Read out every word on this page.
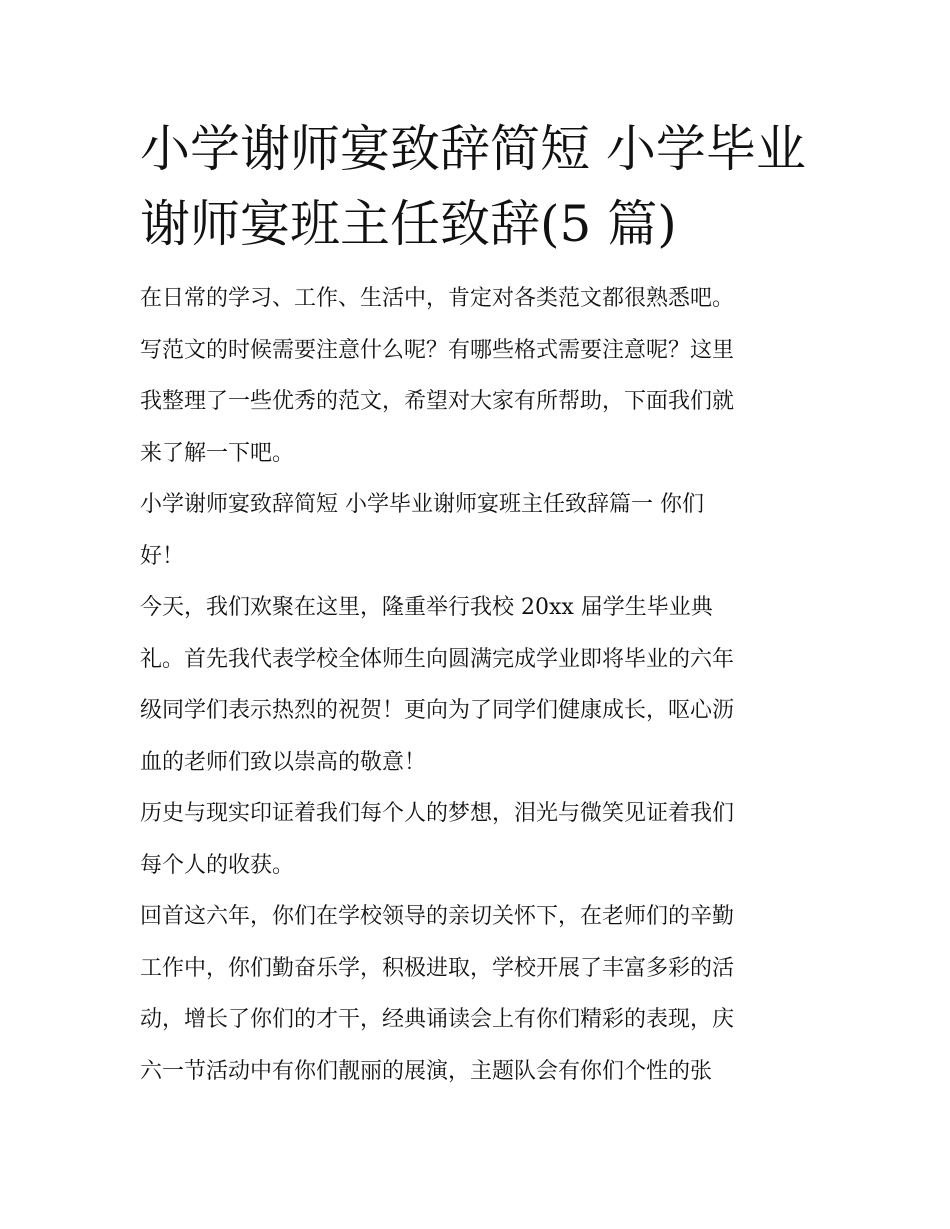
小学谢师宴致辞简短 小学毕业
谢师宴班主任致辞(5 篇)
在日常的学习、工作、生活中，肯定对各类范文都很熟悉吧。
写范文的时候需要注意什么呢？有哪些格式需要注意呢？这里
我整理了一些优秀的范文，希望对大家有所帮助，下面我们就
来了解一下吧。
小学谢师宴致辞简短 小学毕业谢师宴班主任致辞篇一 你们
好！
今天，我们欢聚在这里，隆重举行我校 20xx 届学生毕业典
礼。首先我代表学校全体师生向圆满完成学业即将毕业的六年
级同学们表示热烈的祝贺！更向为了同学们健康成长，呕心沥
血的老师们致以崇高的敬意！
历史与现实印证着我们每个人的梦想，泪光与微笑见证着我们
每个人的收获。
回首这六年，你们在学校领导的亲切关怀下，在老师们的辛勤
工作中，你们勤奋乐学，积极进取，学校开展了丰富多彩的活
动，增长了你们的才干，经典诵读会上有你们精彩的表现，庆
六一节活动中有你们靓丽的展演，主题队会有你们个性的张
